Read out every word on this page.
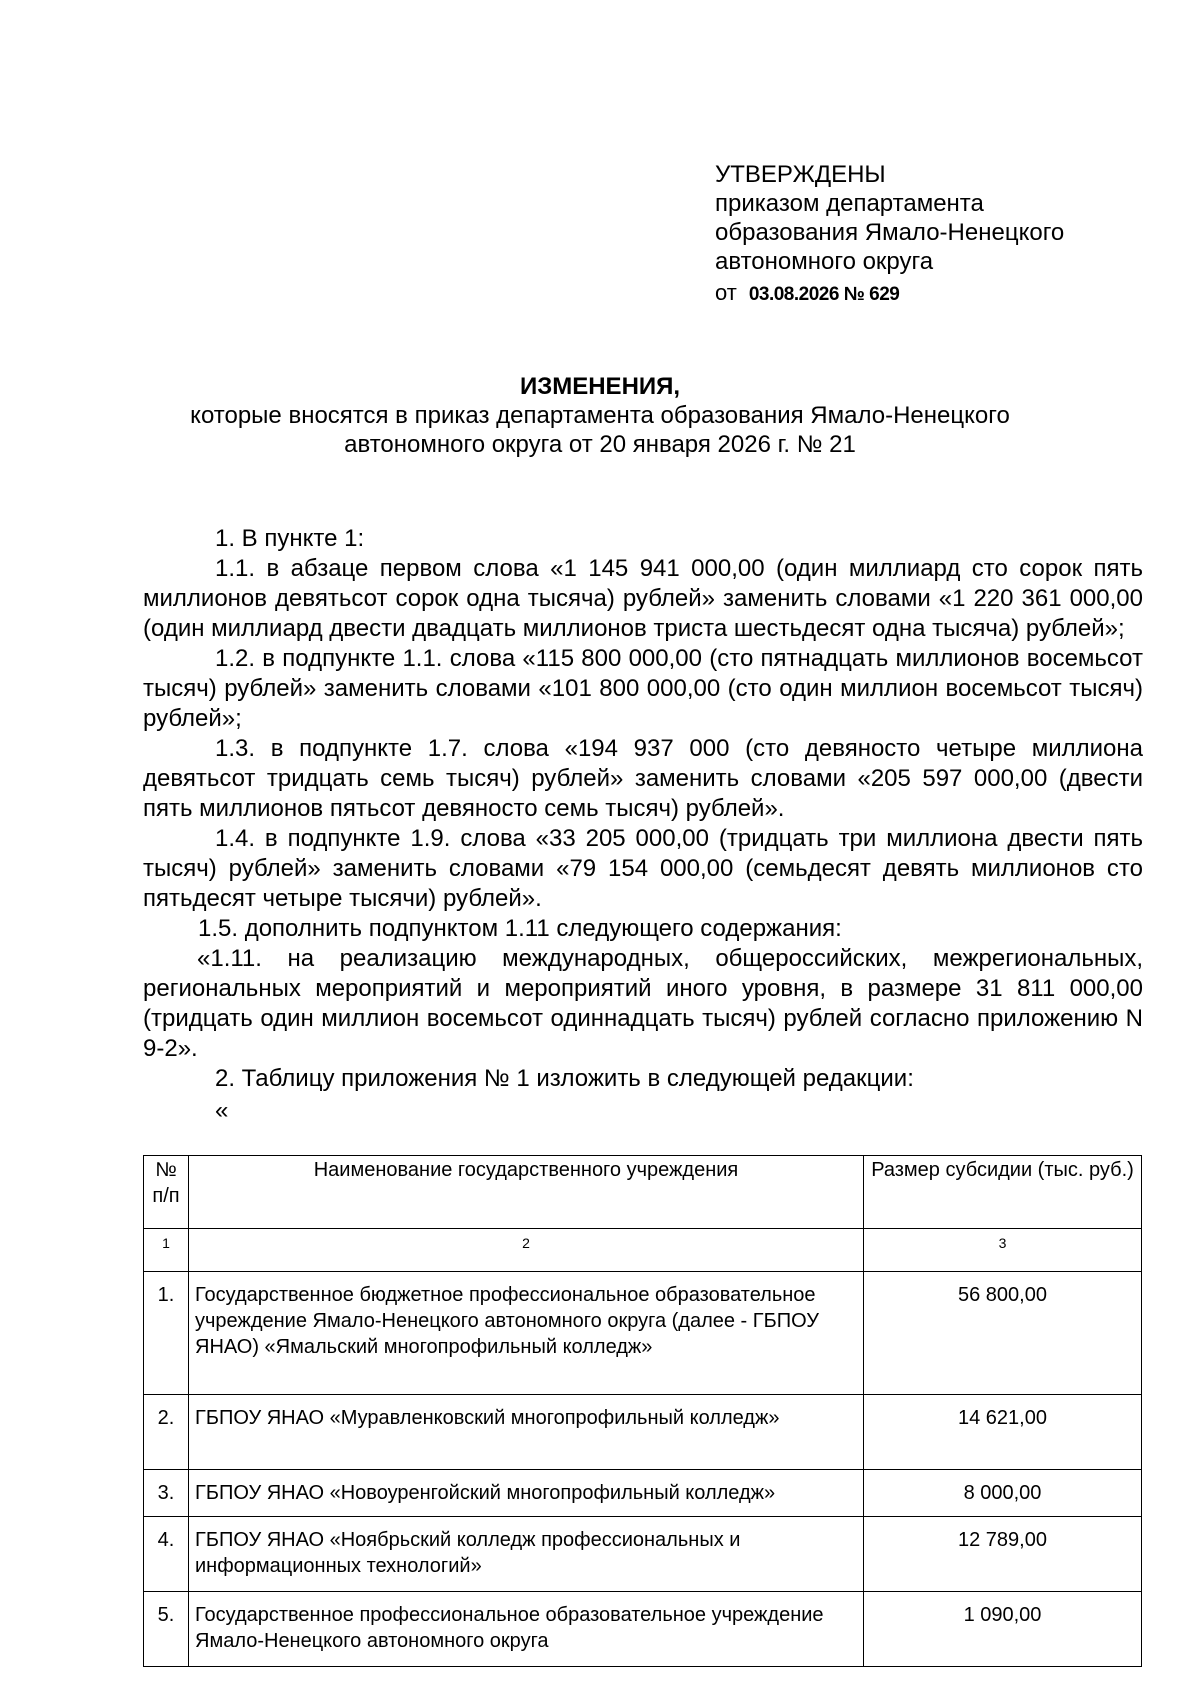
УТВЕРЖДЕНЫ
приказом департамента
образования Ямало-Ненецкого
автономного округа
от 03.08.2026 № 629
ИЗМЕНЕНИЯ,
которые вносятся в приказ департамента образования Ямало-Ненецкого
автономного округа от 20 января 2026 г. № 21

1. В пункте 1:

1.1. в абзаце первом слова «1 145 941 000,00 (один миллиард сто сорок пять миллионов девятьсот сорок одна тысяча) рублей» заменить словами «1 220 361 000,00 (один миллиард двести двадцать миллионов триста шестьдесят одна тысяча) рублей»;

1.2. в подпункте 1.1. слова «115 800 000,00 (сто пятнадцать миллионов восемьсот тысяч) рублей» заменить словами «101 800 000,00 (сто один миллион восемьсот тысяч) рублей»;

1.3. в подпункте 1.7. слова «194 937 000 (сто девяносто четыре миллиона девятьсот тридцать семь тысяч) рублей» заменить словами «205 597 000,00 (двести пять миллионов пятьсот девяносто семь тысяч) рублей».

1.4. в подпункте 1.9. слова «33 205 000,00 (тридцать три миллиона двести пять тысяч) рублей» заменить словами «79 154 000,00 (семьдесят девять миллионов сто пятьдесят четыре тысячи) рублей».

1.5. дополнить подпунктом 1.11 следующего содержания:

«1.11. на реализацию международных, общероссийских, межрегиональных, региональных мероприятий и мероприятий иного уровня, в размере 31 811 000,00 (тридцать один миллион восемьсот одиннадцать тысяч) рублей согласно приложению N 9-2».

2. Таблицу приложения № 1 изложить в следующей редакции:

«

№ п/п	Наименование государственного учреждения	Размер субсидии (тыс. руб.)
1	2	3
1.	Государственное бюджетное профессиональное образовательное учреждение Ямало-Ненецкого автономного округа (далее - ГБПОУ ЯНАО) «Ямальский многопрофильный колледж»	56 800,00
2.	ГБПОУ ЯНАО «Муравленковский многопрофильный колледж»	14 621,00
3.	ГБПОУ ЯНАО «Новоуренгойский многопрофильный колледж»	8 000,00
4.	ГБПОУ ЯНАО «Ноябрьский колледж профессиональных и информационных технологий»	12 789,00
5.	Государственное профессиональное образовательное учреждение Ямало-Ненецкого автономного округа	1 090,00
